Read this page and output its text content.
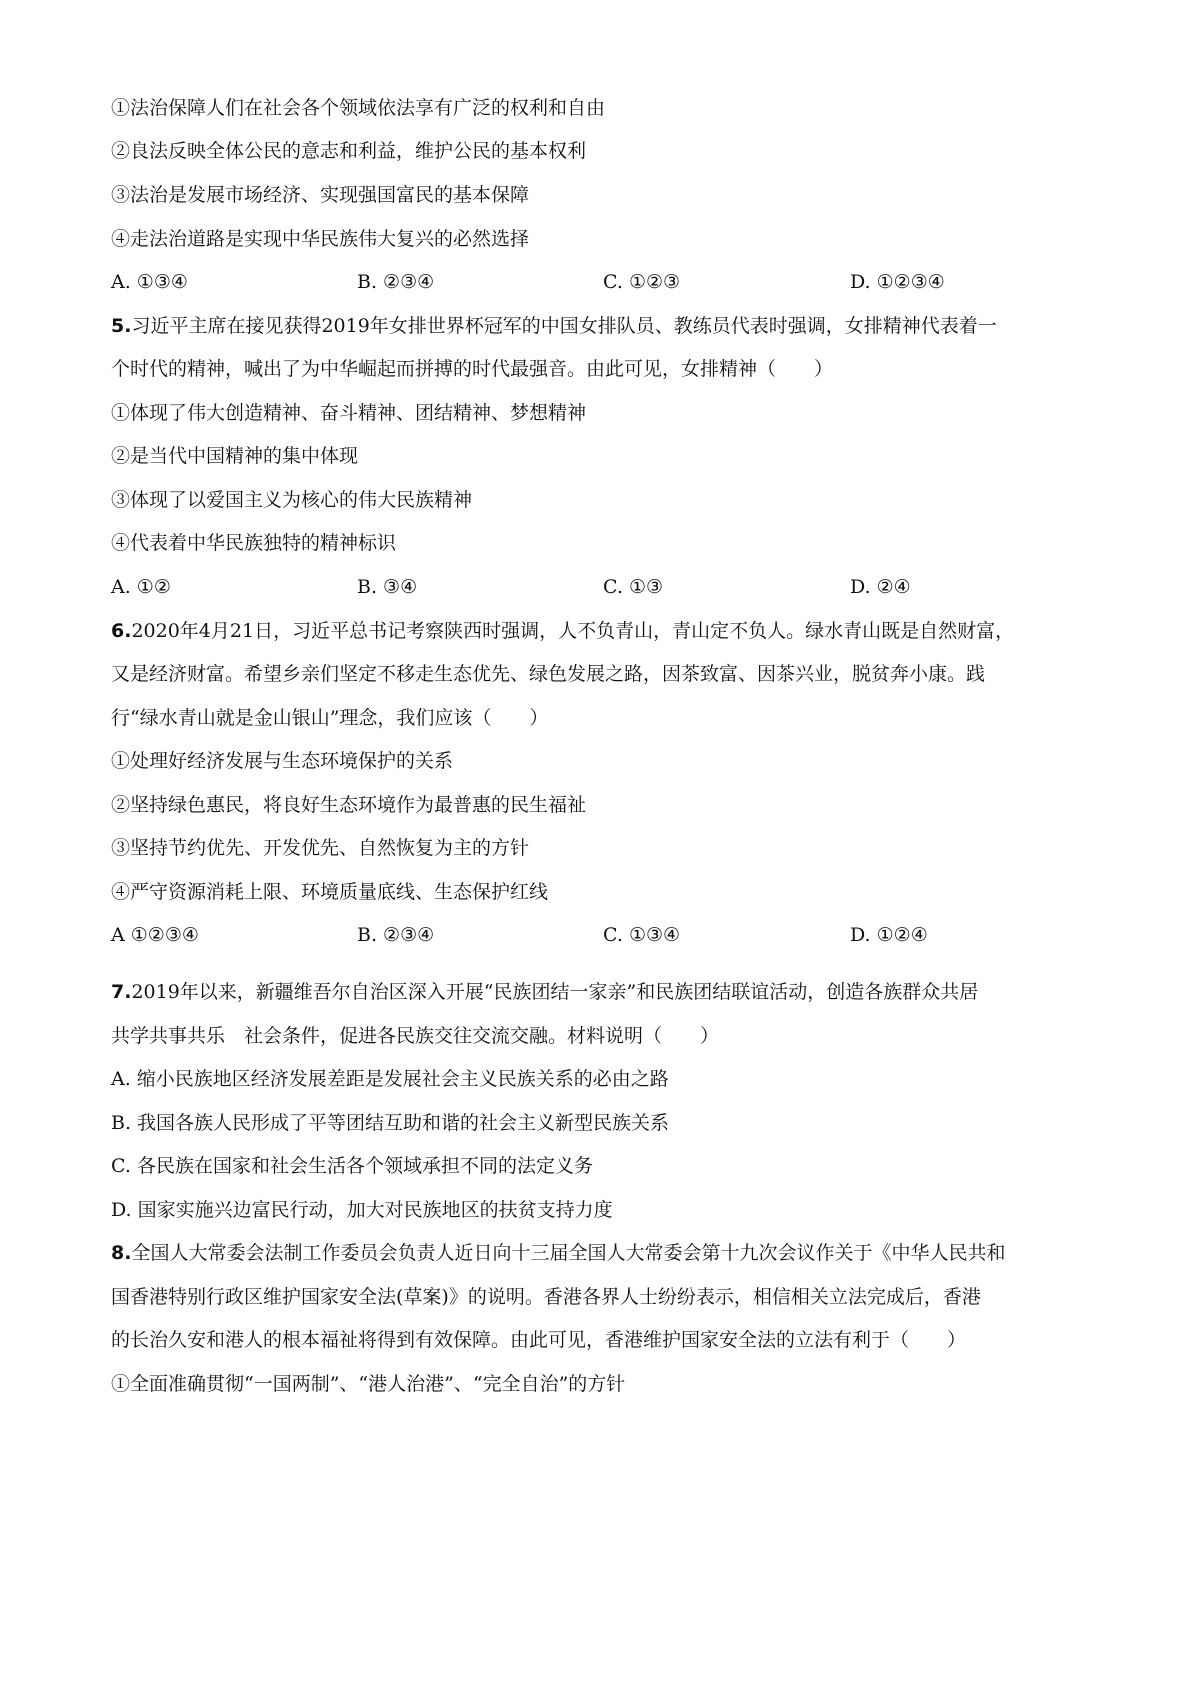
①法治保障人们在社会各个领域依法享有广泛的权利和自由
②良法反映全体公民的意志和利益，维护公民的基本权利
③法治是发展市场经济、实现强国富民的基本保障
④走法治道路是实现中华民族伟大复兴的必然选择
A. ①③④	B. ②③④	C. ①②③	D. ①②③④
5.习近平主席在接见获得2019年女排世界杯冠军的中国女排队员、教练员代表时强调，女排精神代表着一
个时代的精神，喊出了为中华崛起而拼搏的时代最强音。由此可见，女排精神（　　）
①体现了伟大创造精神、奋斗精神、团结精神、梦想精神
②是当代中国精神的集中体现
③体现了以爱国主义为核心的伟大民族精神
④代表着中华民族独特的精神标识
A. ①②	B. ③④	C. ①③	D. ②④
6.2020年4月21日，习近平总书记考察陕西时强调，人不负青山，青山定不负人。绿水青山既是自然财富，
又是经济财富。希望乡亲们坚定不移走生态优先、绿色发展之路，因茶致富、因茶兴业，脱贫奔小康。践
行“绿水青山就是金山银山”理念，我们应该（　　）
①处理好经济发展与生态环境保护的关系
②坚持绿色惠民，将良好生态环境作为最普惠的民生福祉
③坚持节约优先、开发优先、自然恢复为主的方针
④严守资源消耗上限、环境质量底线、生态保护红线
A ①②③④	B. ②③④	C. ①③④	D. ①②④
7.2019年以来，新疆维吾尔自治区深入开展“民族团结一家亲”和民族团结联谊活动，创造各族群众共居
共学共事共乐　社会条件，促进各民族交往交流交融。材料说明（　　）
A. 缩小民族地区经济发展差距是发展社会主义民族关系的必由之路
B. 我国各族人民形成了平等团结互助和谐的社会主义新型民族关系
C. 各民族在国家和社会生活各个领域承担不同的法定义务
D. 国家实施兴边富民行动，加大对民族地区的扶贫支持力度
8.全国人大常委会法制工作委员会负责人近日向十三届全国人大常委会第十九次会议作关于《中华人民共和
国香港特别行政区维护国家安全法(草案)》的说明。香港各界人士纷纷表示，相信相关立法完成后，香港
的长治久安和港人的根本福祉将得到有效保障。由此可见，香港维护国家安全法的立法有利于（　　）
①全面准确贯彻“一国两制”、“港人治港”、“完全自治”的方针
